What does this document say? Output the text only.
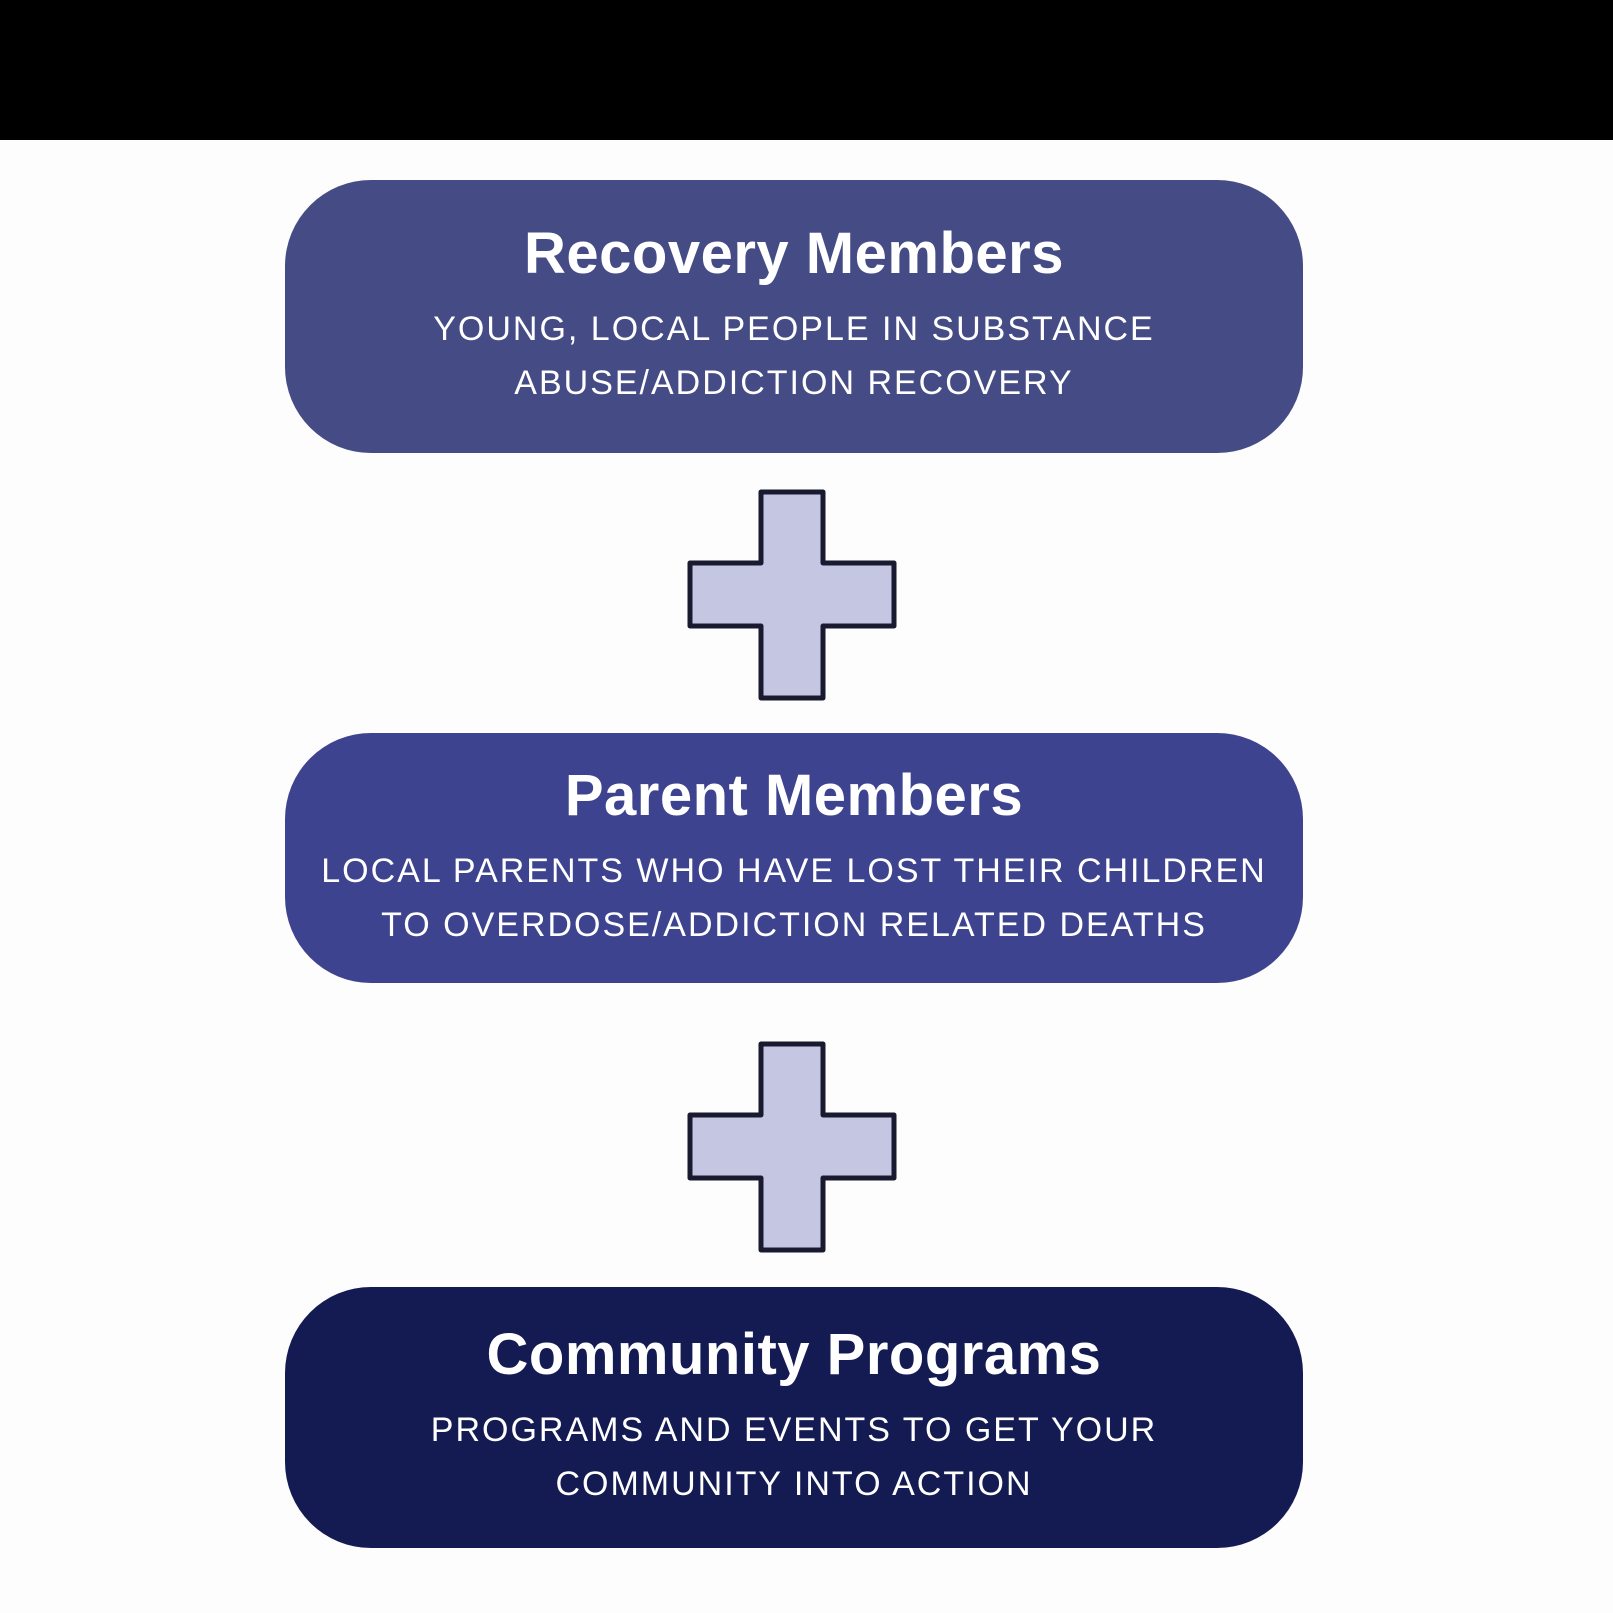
Recovery Members
YOUNG, LOCAL PEOPLE IN SUBSTANCE
ABUSE/ADDICTION RECOVERY
Parent Members
LOCAL PARENTS WHO HAVE LOST THEIR CHILDREN
TO OVERDOSE/ADDICTION RELATED DEATHS
Community Programs
PROGRAMS AND EVENTS TO GET YOUR
COMMUNITY INTO ACTION
